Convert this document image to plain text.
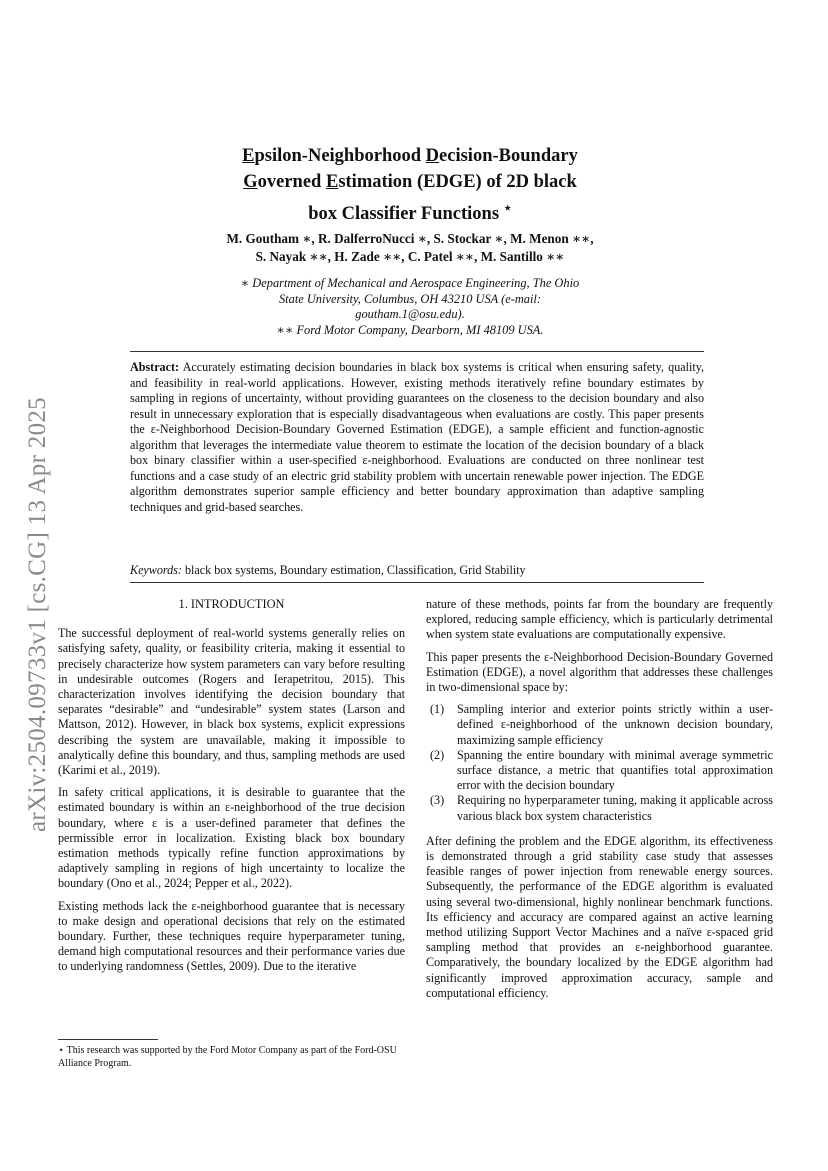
arXiv:2504.09733v1 [cs.CG] 13 Apr 2025
Epsilon-Neighborhood Decision-Boundary
Governed Estimation (EDGE) of 2D black
box Classifier Functions ⋆
M. Goutham ∗, R. DalferroNucci ∗, S. Stockar ∗, M. Menon ∗∗,
S. Nayak ∗∗, H. Zade ∗∗, C. Patel ∗∗, M. Santillo ∗∗
∗ Department of Mechanical and Aerospace Engineering, The Ohio
State University, Columbus, OH 43210 USA (e-mail:
goutham.1@osu.edu).
∗∗ Ford Motor Company, Dearborn, MI 48109 USA.
Abstract: Accurately estimating decision boundaries in black box systems is critical when ensuring safety, quality, and feasibility in real-world applications. However, existing methods iteratively refine boundary estimates by sampling in regions of uncertainty, without providing guarantees on the closeness to the decision boundary and also result in unnecessary exploration that is especially disadvantageous when evaluations are costly. This paper presents the ε-Neighborhood Decision-Boundary Governed Estimation (EDGE), a sample efficient and function-agnostic algorithm that leverages the intermediate value theorem to estimate the location of the decision boundary of a black box binary classifier within a user-specified ε-neighborhood. Evaluations are conducted on three nonlinear test functions and a case study of an electric grid stability problem with uncertain renewable power injection. The EDGE algorithm demonstrates superior sample efficiency and better boundary approximation than adaptive sampling techniques and grid-based searches.
Keywords: black box systems, Boundary estimation, Classification, Grid Stability
1. INTRODUCTION

The successful deployment of real-world systems generally relies on satisfying safety, quality, or feasibility criteria, making it essential to precisely characterize how system parameters can vary before resulting in undesirable outcomes (Rogers and Ierapetritou, 2015). This characterization involves identifying the decision boundary that separates “desirable” and “undesirable” system states (Larson and Mattson, 2012). However, in black box systems, explicit expressions describing the system are unavailable, making it impossible to analytically define this boundary, and thus, sampling methods are used (Karimi et al., 2019).

In safety critical applications, it is desirable to guarantee that the estimated boundary is within an ε-neighborhood of the true decision boundary, where ε is a user-defined parameter that defines the permissible error in localization. Existing black box boundary estimation methods typically refine function approximations by adaptively sampling in regions of high uncertainty to localize the boundary (Ono et al., 2024; Pepper et al., 2022).

Existing methods lack the ε-neighborhood guarantee that is necessary to make design and operational decisions that rely on the estimated boundary. Further, these techniques require hyperparameter tuning, demand high computational resources and their performance varies due to underlying randomness (Settles, 2009). Due to the iterative

nature of these methods, points far from the boundary are frequently explored, reducing sample efficiency, which is particularly detrimental when system state evaluations are computationally expensive.

This paper presents the ε-Neighborhood Decision-Boundary Governed Estimation (EDGE), a novel algorithm that addresses these challenges in two-dimensional space by:

(1)	Sampling interior and exterior points strictly within a user-defined ε-neighborhood of the unknown decision boundary, maximizing sample efficiency
(2)	Spanning the entire boundary with minimal average symmetric surface distance, a metric that quantifies total approximation error with the decision boundary
(3)	Requiring no hyperparameter tuning, making it applicable across various black box system characteristics

After defining the problem and the EDGE algorithm, its effectiveness is demonstrated through a grid stability case study that assesses feasible ranges of power injection from renewable energy sources. Subsequently, the performance of the EDGE algorithm is evaluated using several two-dimensional, highly nonlinear benchmark functions. Its efficiency and accuracy are compared against an active learning method utilizing Support Vector Machines and a naïve ε-spaced grid sampling method that provides an ε-neighborhood guarantee. Comparatively, the boundary localized by the EDGE algorithm had significantly improved approximation accuracy, sample and computational efficiency.

⋆ This research was supported by the Ford Motor Company as part of the Ford-OSU Alliance Program.
